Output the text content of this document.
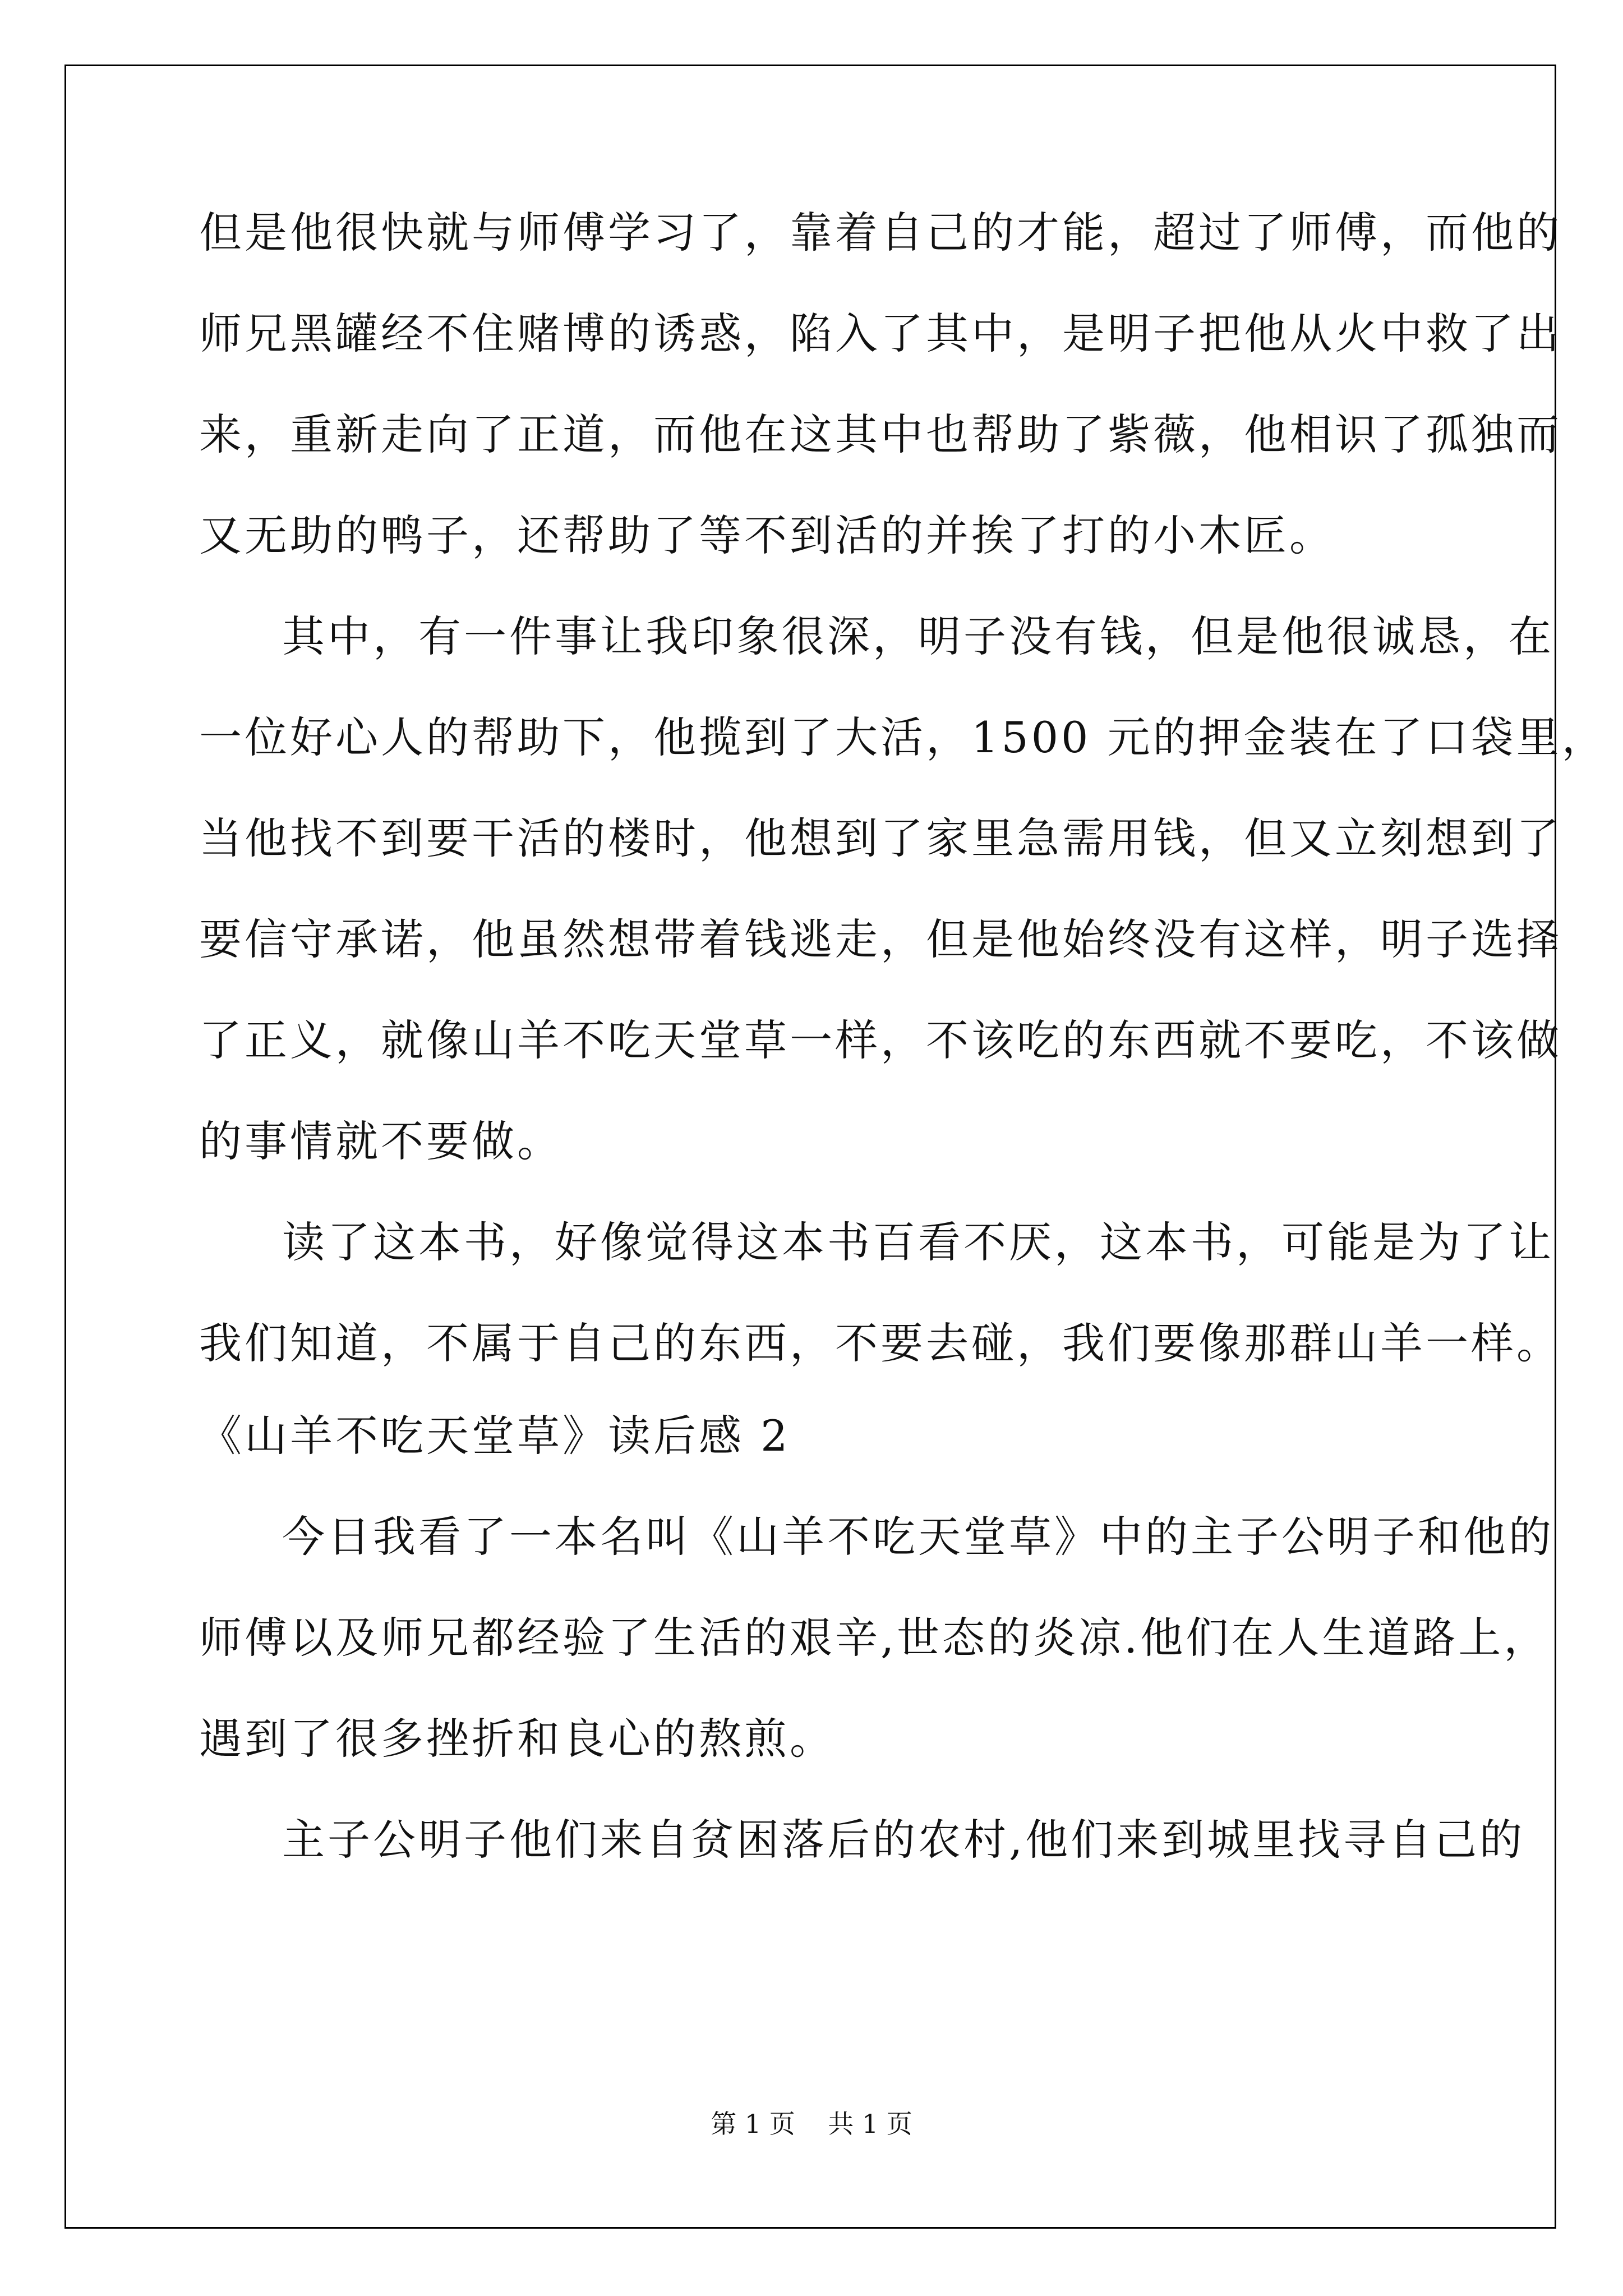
但是他很快就与师傅学习了，靠着自己的才能，超过了师傅，而他的
师兄黑罐经不住赌博的诱惑，陷入了其中，是明子把他从火中救了出
来，重新走向了正道，而他在这其中也帮助了紫薇，他相识了孤独而
又无助的鸭子，还帮助了等不到活的并挨了打的小木匠。
其中，有一件事让我印象很深，明子没有钱，但是他很诚恳，在
一位好心人的帮助下，他揽到了大活，1500 元的押金装在了口袋里，
当他找不到要干活的楼时，他想到了家里急需用钱，但又立刻想到了
要信守承诺，他虽然想带着钱逃走，但是他始终没有这样，明子选择
了正义，就像山羊不吃天堂草一样，不该吃的东西就不要吃，不该做
的事情就不要做。
读了这本书，好像觉得这本书百看不厌，这本书，可能是为了让
我们知道，不属于自己的东西，不要去碰，我们要像那群山羊一样。
《山羊不吃天堂草》读后感 2
今日我看了一本名叫《山羊不吃天堂草》中的主子公明子和他的
师傅以及师兄都经验了生活的艰辛,世态的炎凉.他们在人生道路上，
遇到了很多挫折和良心的熬煎。
主子公明子他们来自贫困落后的农村,他们来到城里找寻自己的
第 1 页    共 1 页
